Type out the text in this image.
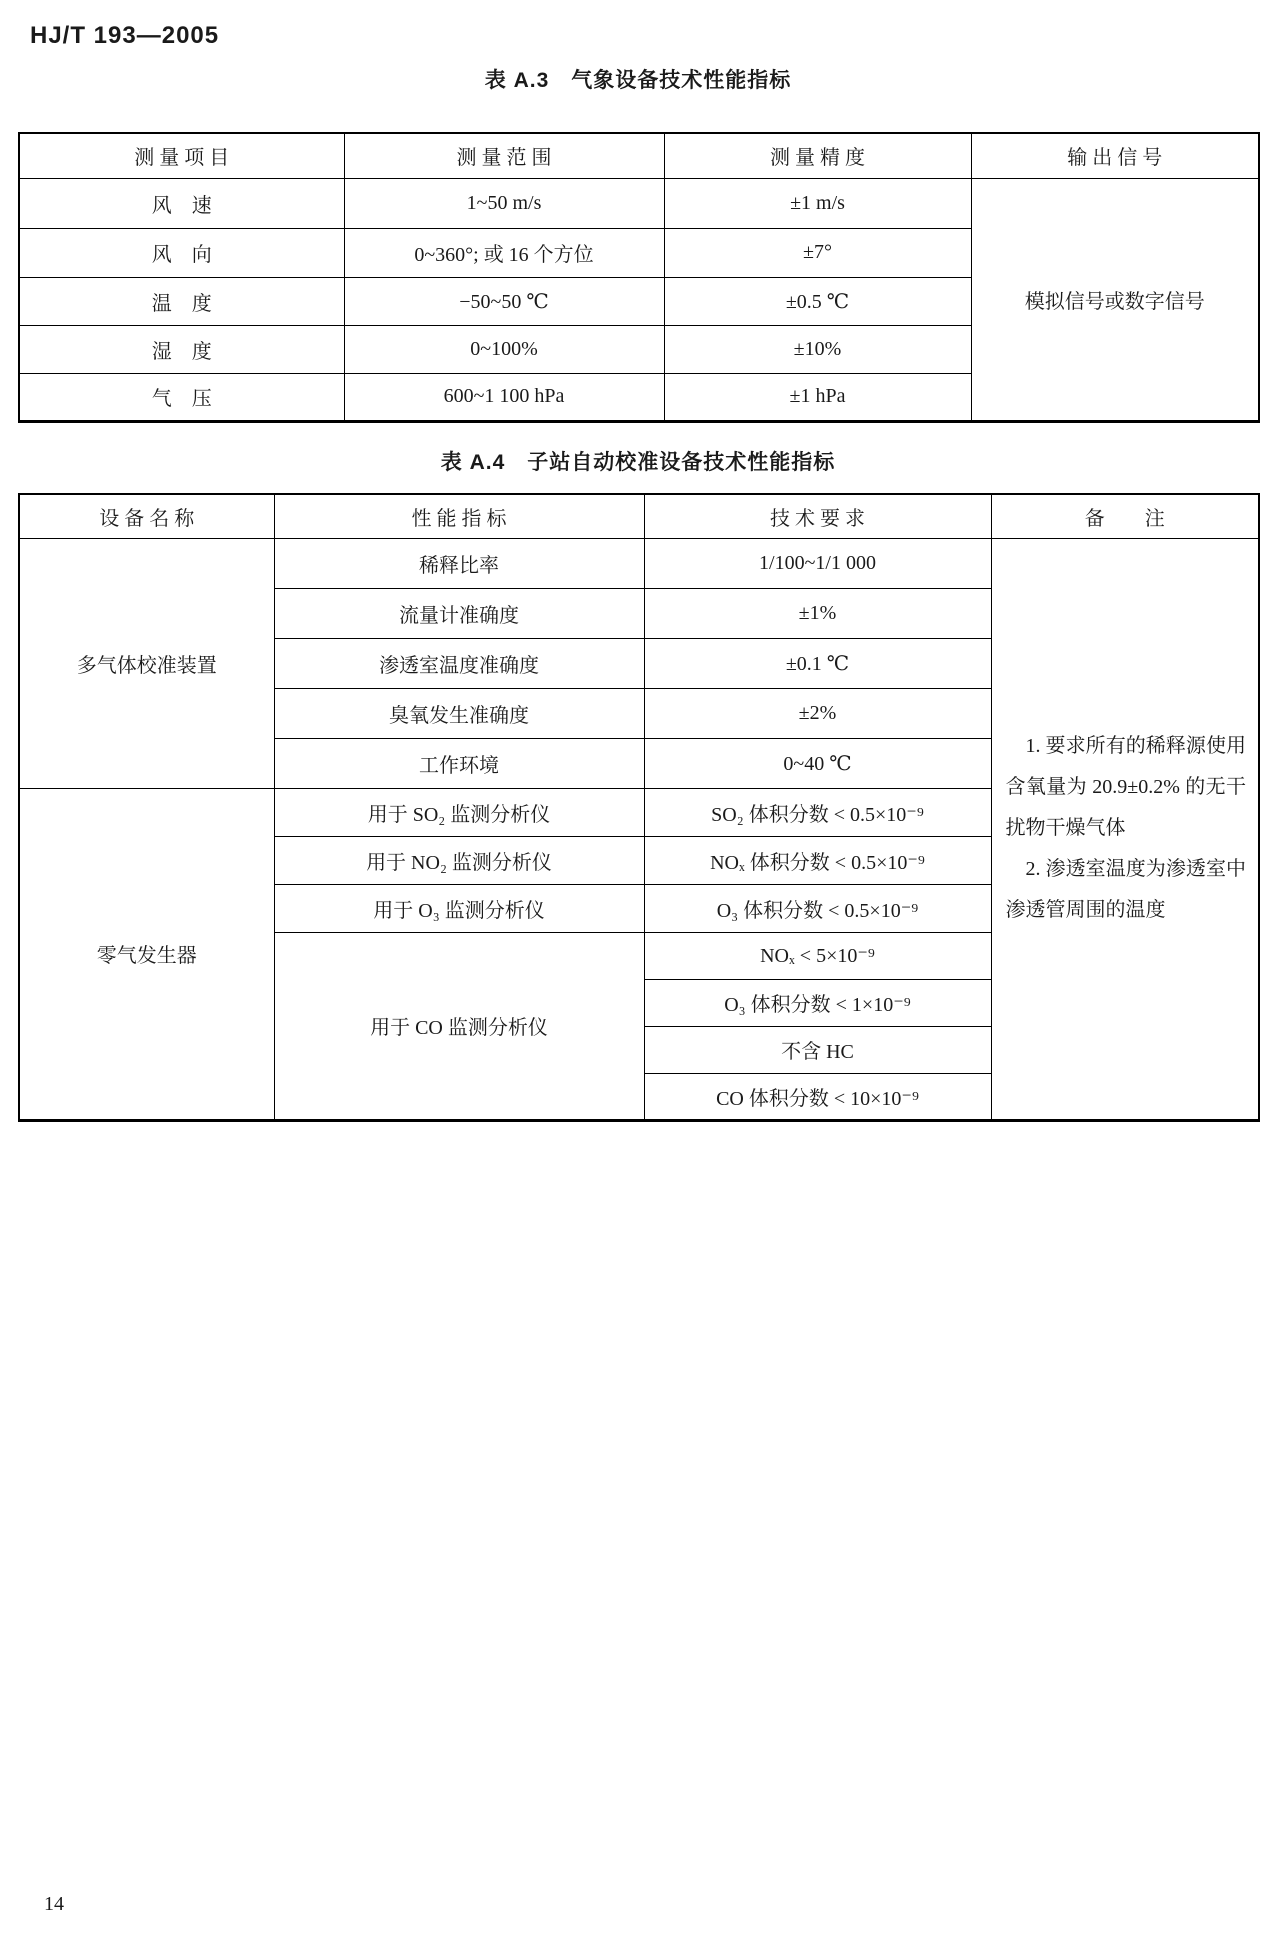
HJ/T 193—2005
表 A.3　气象设备技术性能指标
测 量 项 目	测 量 范 围	测 量 精 度	输 出 信 号
风　速	1~50 m/s	±1 m/s	模拟信号或数字信号
风　向	0~360°; 或 16 个方位	±7°	
温　度	−50~50 ℃	±0.5 ℃	
湿　度	0~100%	±10%	
气　压	600~1 100 hPa	±1 hPa	
表 A.4　子站自动校准设备技术性能指标
设 备 名 称	性 能 指 标	技 术 要 求	备　　注
多气体校准装置	稀释比率	1/100~1/1 000	1. 要求所有的稀释源使用含氧量为 20.9±0.2% 的无干扰物干燥气体

2. 渗透室温度为渗透室中渗透管周围的温度

	流量计准确度	±1%	
	渗透室温度准确度	±0.1 ℃	
	臭氧发生准确度	±2%	
	工作环境	0~40 ℃	
零气发生器	用于 SO₂ 监测分析仪	SO₂ 体积分数 < 0.5×10⁻⁹	
	用于 NO₂ 监测分析仪	NOₓ 体积分数 < 0.5×10⁻⁹	
	用于 O₃ 监测分析仪	O₃ 体积分数 < 0.5×10⁻⁹	
	用于 CO 监测分析仪	NOₓ < 5×10⁻⁹	
		O₃ 体积分数 < 1×10⁻⁹	
		不含 HC	
		CO 体积分数 < 10×10⁻⁹	
14
